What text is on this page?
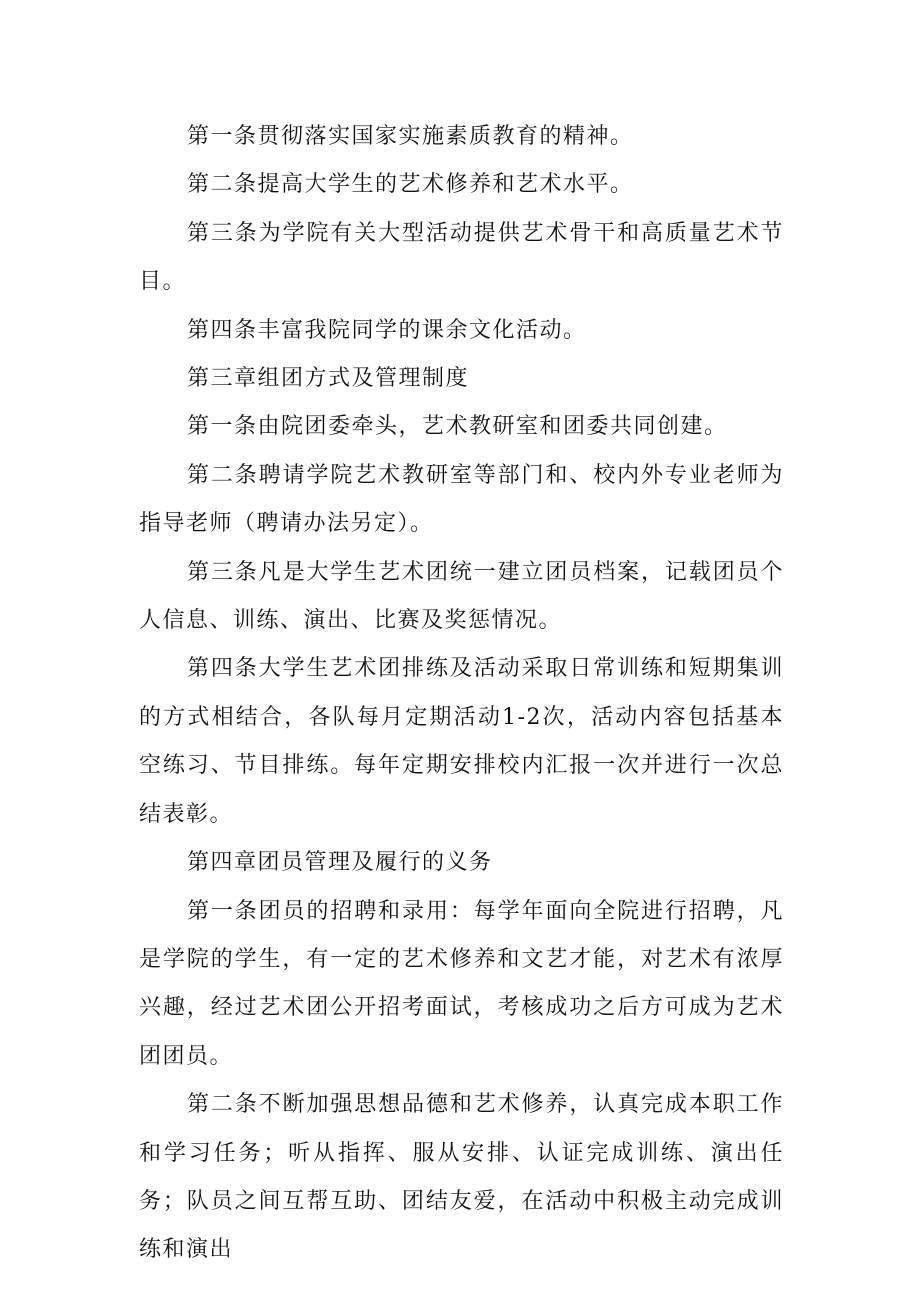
第一条贯彻落实国家实施素质教育的精神。

第二条提高大学生的艺术修养和艺术水平。

第三条为学院有关大型活动提供艺术骨干和高质量艺术节目。

第四条丰富我院同学的课余文化活动。

第三章组团方式及管理制度

第一条由院团委牵头，艺术教研室和团委共同创建。

第二条聘请学院艺术教研室等部门和、校内外专业老师为指导老师（聘请办法另定）。

第三条凡是大学生艺术团统一建立团员档案，记载团员个人信息、训练、演出、比赛及奖惩情况。

第四条大学生艺术团排练及活动采取日常训练和短期集训的方式相结合，各队每月定期活动1-2次，活动内容包括基本空练习、节目排练。每年定期安排校内汇报一次并进行一次总结表彰。

第四章团员管理及履行的义务

第一条团员的招聘和录用：每学年面向全院进行招聘，凡是学院的学生，有一定的艺术修养和文艺才能，对艺术有浓厚兴趣，经过艺术团公开招考面试，考核成功之后方可成为艺术团团员。

第二条不断加强思想品德和艺术修养，认真完成本职工作和学习任务；听从指挥、服从安排、认证完成训练、演出任务；队员之间互帮互助、团结友爱，在活动中积极主动完成训练和演出
